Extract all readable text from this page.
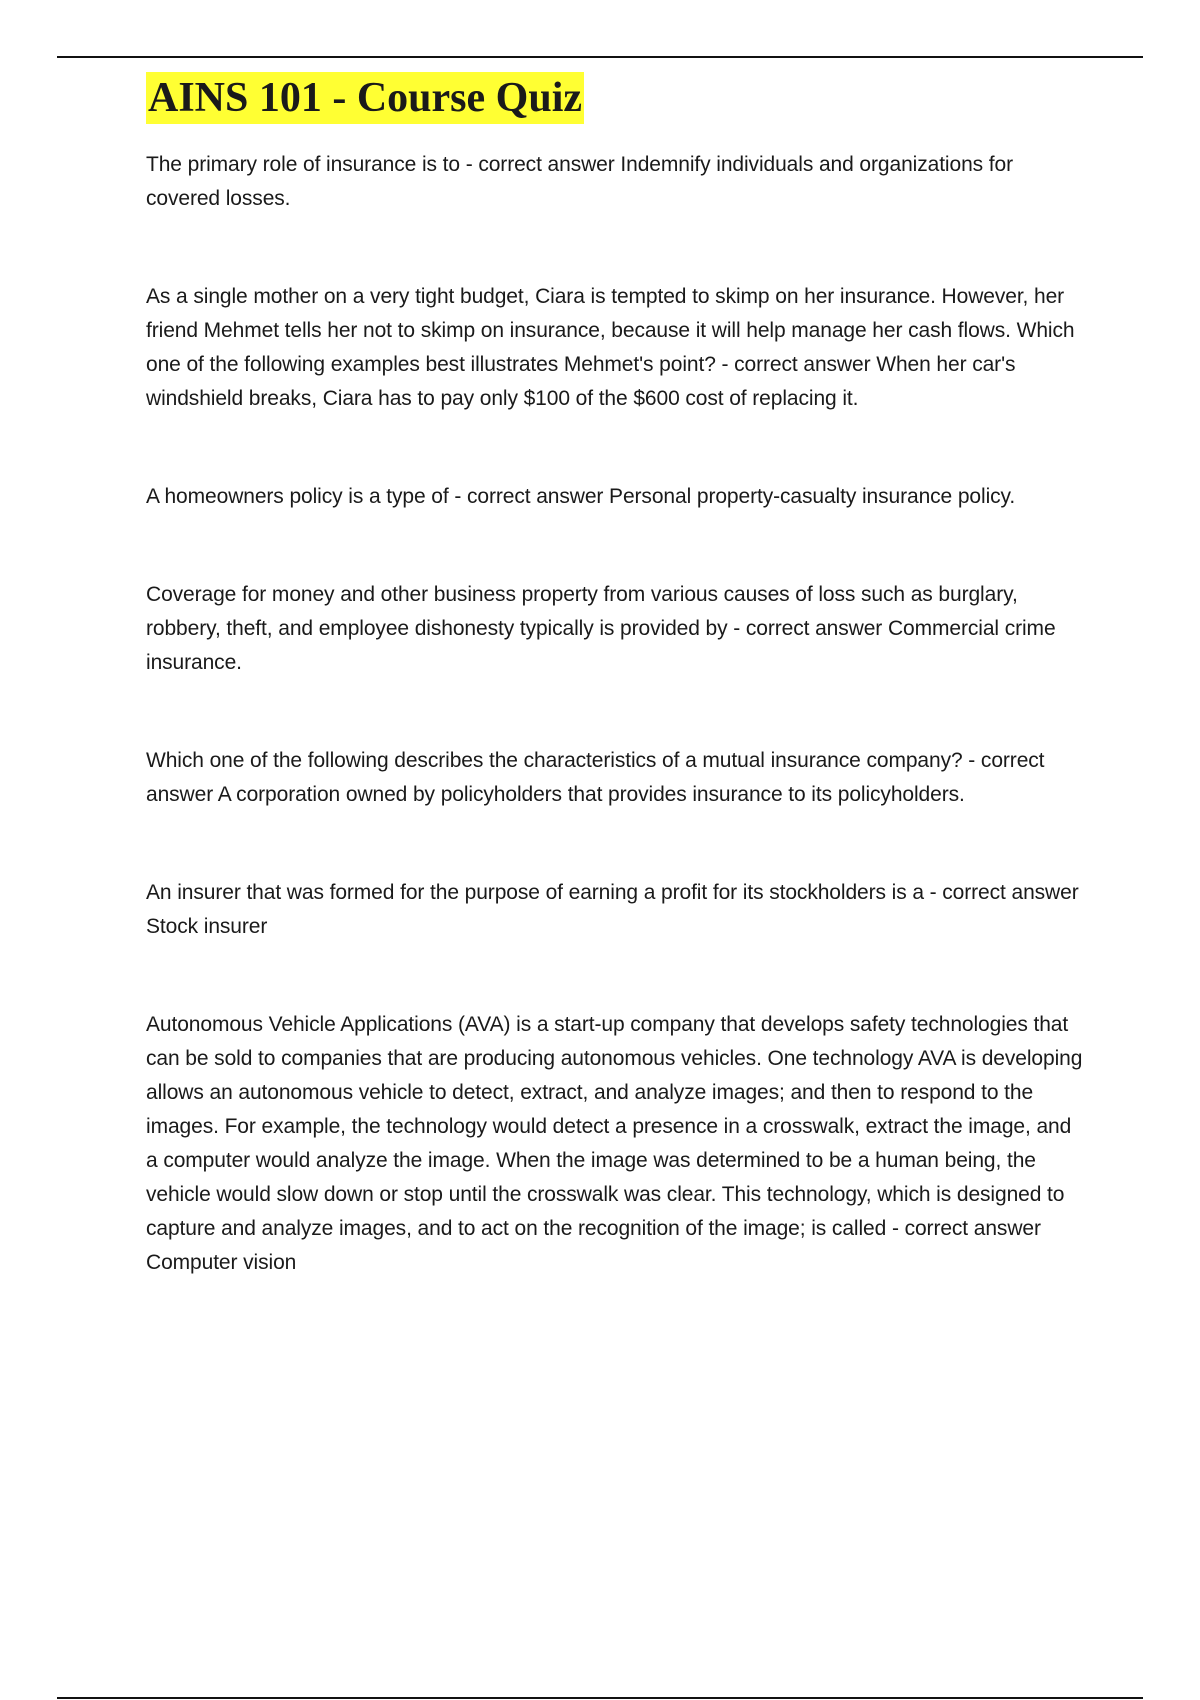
AINS 101 - Course Quiz

The primary role of insurance is to - correct answer Indemnify individuals and organizations for covered losses.

As a single mother on a very tight budget, Ciara is tempted to skimp on her insurance. However, her friend Mehmet tells her not to skimp on insurance, because it will help manage her cash flows. Which one of the following examples best illustrates Mehmet's point? - correct answer When her car's windshield breaks, Ciara has to pay only $100 of the $600 cost of replacing it.

A homeowners policy is a type of - correct answer Personal property-casualty insurance policy.

Coverage for money and other business property from various causes of loss such as burglary, robbery, theft, and employee dishonesty typically is provided by - correct answer Commercial crime insurance.

Which one of the following describes the characteristics of a mutual insurance company? - correct answer A corporation owned by policyholders that provides insurance to its policyholders.

An insurer that was formed for the purpose of earning a profit for its stockholders is a - correct answer Stock insurer

Autonomous Vehicle Applications (AVA) is a start-up company that develops safety technologies that can be sold to companies that are producing autonomous vehicles. One technology AVA is developing allows an autonomous vehicle to detect, extract, and analyze images; and then to respond to the images. For example, the technology would detect a presence in a crosswalk, extract the image, and a computer would analyze the image. When the image was determined to be a human being, the vehicle would slow down or stop until the crosswalk was clear. This technology, which is designed to capture and analyze images, and to act on the recognition of the image; is called - correct answer Computer vision
